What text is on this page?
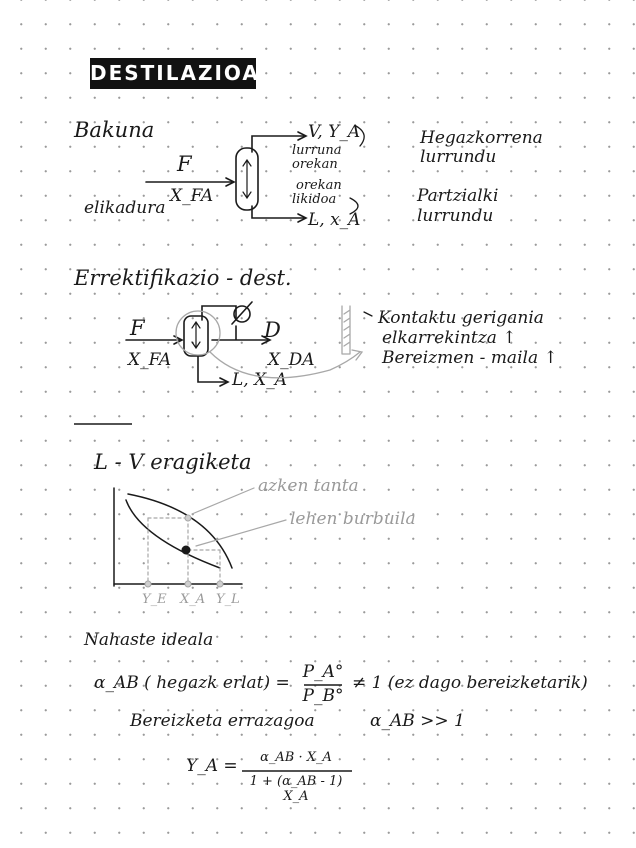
DESTILAZIOA
Bakuna
F
X_FA
elikadura
V, Y_A
lurruna
orekan
orekan
likidoa
L, x_A
Hegazkorrena
lurrundu
Partzialki
lurrundu
Errektifikazio - dest.
F
X_FA
D
X_DA
L, X_A
Kontaktu gerigania
elkarrekintza ↑
Bereizmen - maila ↑
L - V eragiketa
azken tanta
lehen burbuila
Y_E X_A Y_L
Nahaste ideala
α_AB ( hegazk erlat) =
P_A°
P_B°
≠ 1 (ez dago bereizketarik)
Bereizketa errazagoa	α_AB >> 1
Y_A =	α_AB · X_A
1 + (α_AB - 1) X_A
